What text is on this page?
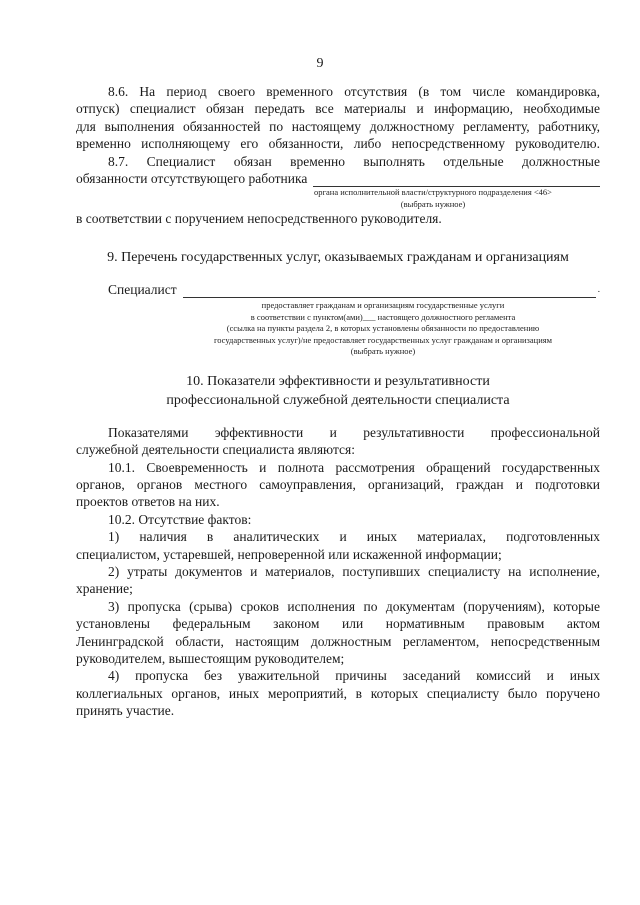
9

8.6. На период своего временного отсутствия (в том числе командировка,

отпуск) специалист обязан передать все материалы и информацию, необходимые

для выполнения обязанностей по настоящему должностному регламенту, работнику,

временно исполняющему его обязанности, либо непосредственному руководителю.

8.7. Специалист обязан временно выполнять отдельные должностные

обязанности отсутствующего работника

органа исполнительной власти/структурного подразделения <46>

(выбрать нужное)

в соответствии с поручением непосредственного руководителя.

9. Перечень государственных услуг, оказываемых гражданам и организациям

Специалист	.

предоставляет гражданам и организациям государственные услуги

в соответствии с пунктом(ами)___ настоящего должностного регламента

(ссылка на пункты раздела 2, в которых установлены обязанности по предоставлению

государственных услуг)/не предоставляет государственных услуг гражданам и организациям

(выбрать нужное)

10. Показатели эффективности и результативности

профессиональной служебной деятельности специалиста

Показателями эффективности и результативности профессиональной

служебной деятельности специалиста являются:

10.1. Своевременность и полнота рассмотрения обращений государственных

органов, органов местного самоуправления, организаций, граждан и подготовки

проектов ответов на них.

10.2. Отсутствие фактов:

1) наличия в аналитических и иных материалах, подготовленных

специалистом, устаревшей, непроверенной или искаженной информации;

2) утраты документов и материалов, поступивших специалисту на исполнение,

хранение;

3) пропуска (срыва) сроков исполнения по документам (поручениям), которые

установлены федеральным законом или нормативным правовым актом

Ленинградской области, настоящим должностным регламентом, непосредственным

руководителем, вышестоящим руководителем;

4) пропуска без уважительной причины заседаний комиссий и иных

коллегиальных органов, иных мероприятий, в которых специалисту было поручено

принять участие.
